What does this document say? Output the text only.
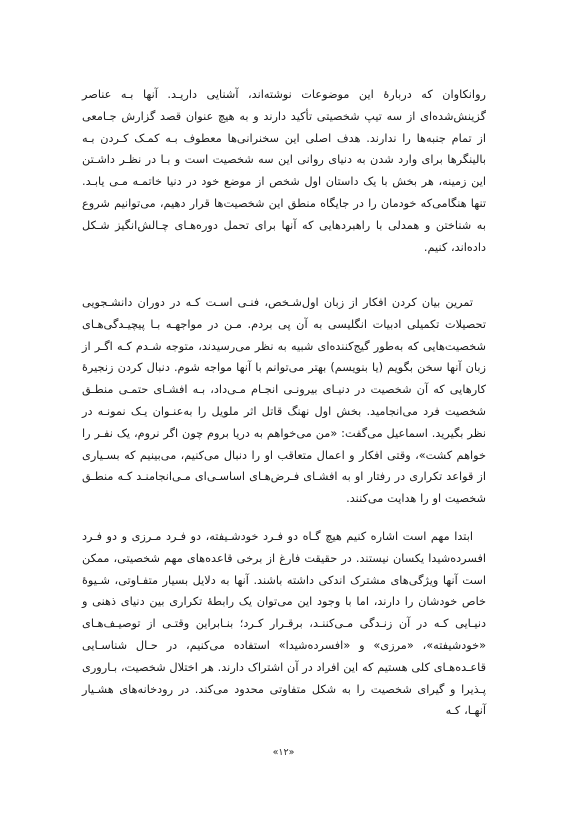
روانکاوان که دربارۀ این موضوعات نوشته‌اند، آشنایی داریـد. آنها بـه عناصر گزینش‌شده‌ای از سه تیپ شخصیتی تأکید دارند و به هیچ عنوان قصد گزارش جـامعی از تمام جنبه‌ها را ندارند. هدف اصلی این سخنرانی‌ها معطوف بـه کمـک کـردن بـه بالینگرها برای وارد شدن به دنیای روانی این سه شخصیت است و بـا در نظـر داشـتن این زمینه، هر بخش با یک داستان اول شخص از موضع خود در دنیا خاتمـه مـی یابـد. تنها هنگامی‌که خودمان را در جایگاه منطق این شخصیت‌ها قرار دهیم، می‌توانیم شروع به شناختن و همدلی با راهبردهایی که آنها برای تحمل دوره‌هـای چـالش‌انگیز شـکل داده‌اند، کنیم.

تمرین بیان کردن افکار از زبان اول‌شـخص، فنـی اسـت کـه در دوران دانشـجویی تحصیلات تکمیلی ادبیات انگلیسی به آن پی بردم. مـن در مواجهـه بـا پیچیـدگی‌هـای شخصیت‌هایی که به‌طور گیج‌کننده‌ای شبیه به نظر می‌رسیدند، متوجه شـدم کـه اگـر از زبان آنها سخن بگویم (یا بنویسم) بهتر می‌توانم با آنها مواجه شوم. دنبال کردن زنجیرۀ کارهایی که آن شخصیت در دنیـای بیرونـی انجـام مـی‌داد، بـه افشـای حتمـی منطـق شخصیت فرد می‌انجامید. بخش اول نهنگ قاتل اثر ملویل را به‌عنـوان یـک نمونـه در نظر بگیرید. اسماعیل می‌گفت: «من می‌خواهم به دریا بروم چون اگر نروم، یک نفـر را خواهم کشت»، وقتی افکار و اعمال متعاقب او را دنبال می‌کنیم، می‌بینیم که بسـیاری از قواعد تکراری در رفتار او به افشـای فـرض‌هـای اساسـی‌ای مـی‌انجامنـد کـه منطـق شخصیت او را هدایت می‌کنند.

ابتدا مهم است اشاره کنیم هیچ گـاه دو فـرد خودشـیفته، دو فـرد مـرزی و دو فـرد افسرده‌شیدا یکسان نیستند. در حقیقت فارغ از برخی قاعده‌های مهم شخصیتی، ممکن است آنها ویژگی‌های مشترک اندکی داشته باشند. آنها به دلایل بسیار متفـاوتی، شـیوۀ خاص خودشان را دارند، اما با وجود این می‌توان یک رابطۀ تکراری بین دنیای ذهنی و دنیـایی کـه در آن زنـدگی مـی‌کننـد، برقـرار کـرد؛ بنـابراین وقتـی از توصیـف‌هـای «خودشیفته»، «مرزی» و «افسرده‌شیدا» استفاده می‌کنیم، در حـال شناسـایی قاعـده‌هـای کلی هستیم که این افراد در آن اشتراک دارند. هر اختلال شخصیت، بـاروری پـذیرا و گیرای شخصیت را به شکل متفاوتی محدود می‌کند. در رودخانه‌های هشـیار آنهـا، کـه

«۱۲»
